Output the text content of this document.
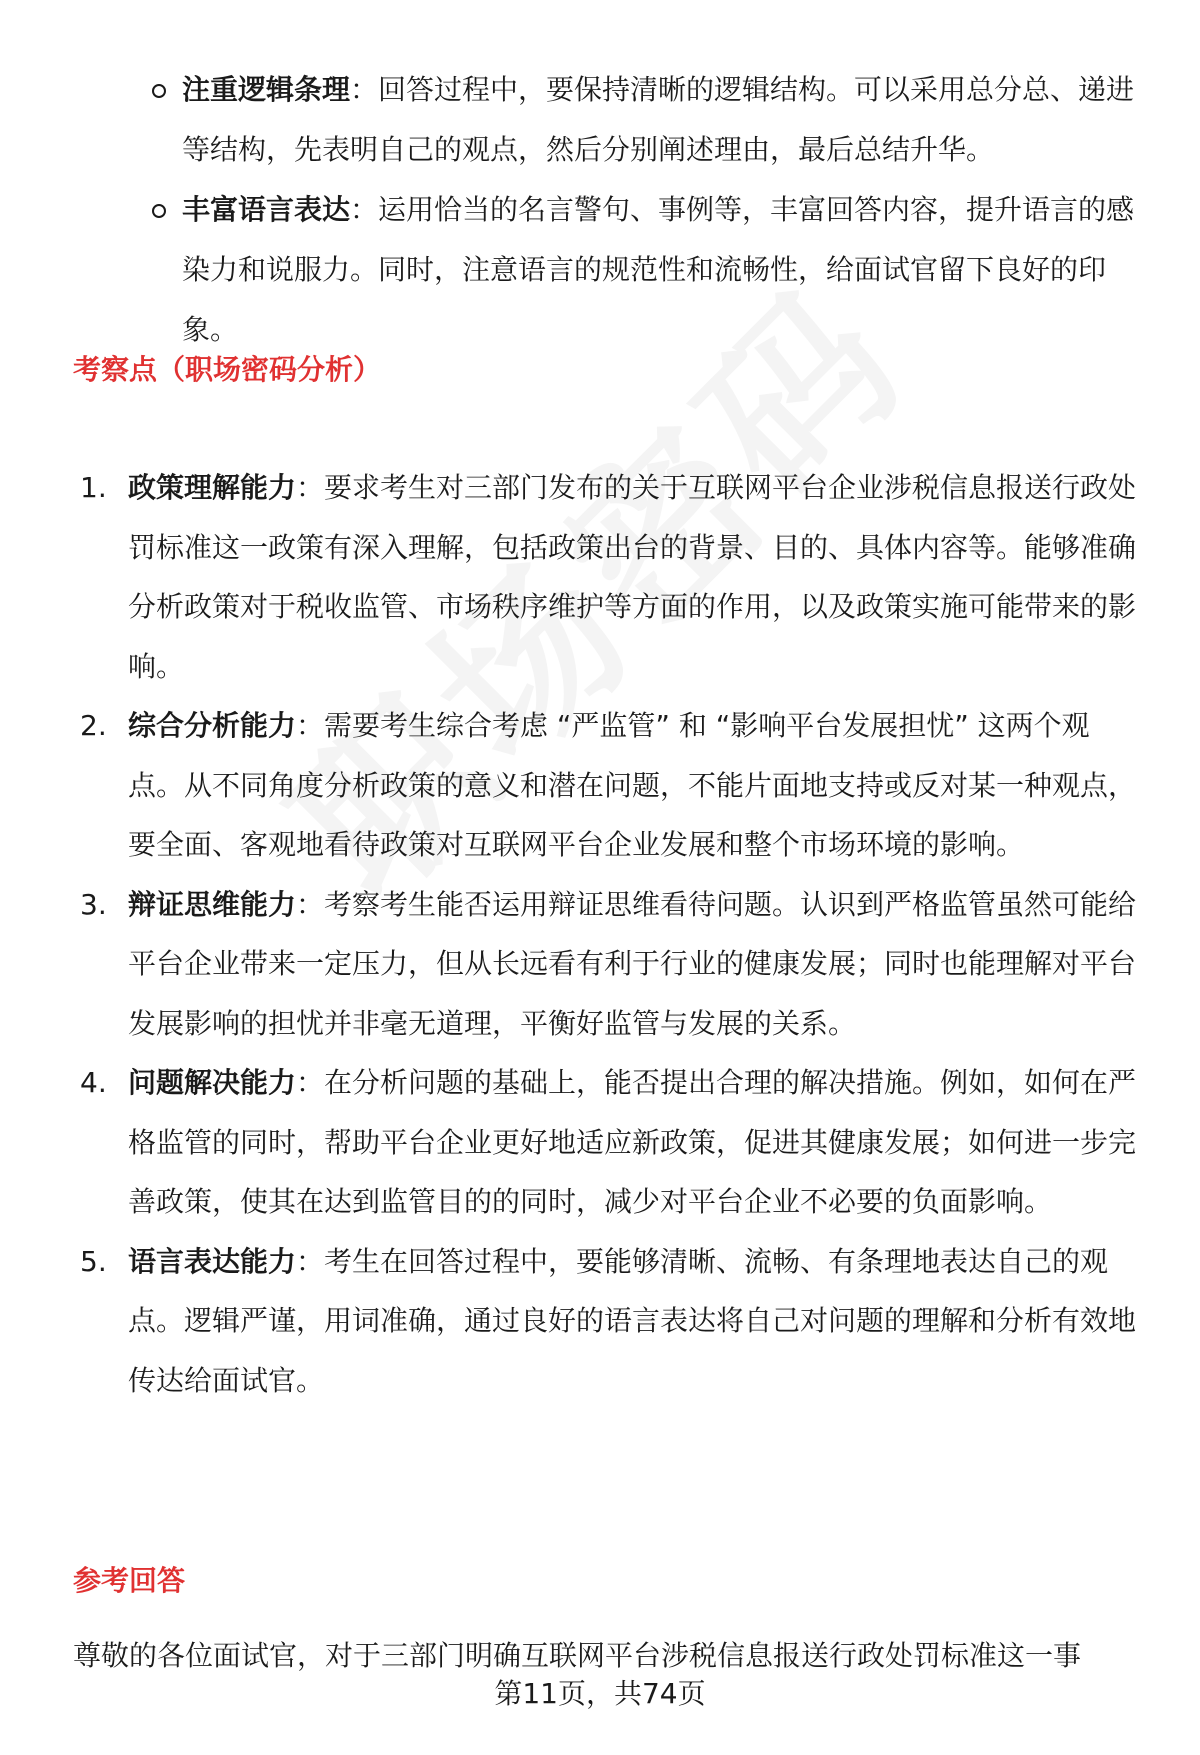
注重逻辑条理：回答过程中，要保持清晰的逻辑结构。可以采用总分总、递进等结构，先表明自己的观点，然后分别阐述理由，最后总结升华。
丰富语言表达：运用恰当的名言警句、事例等，丰富回答内容，提升语言的感染力和说服力。同时，注意语言的规范性和流畅性，给面试官留下良好的印象。
考察点（职场密码分析）
1. 政策理解能力：要求考生对三部门发布的关于互联网平台企业涉税信息报送行政处罚标准这一政策有深入理解，包括政策出台的背景、目的、具体内容等。能够准确分析政策对于税收监管、市场秩序维护等方面的作用，以及政策实施可能带来的影响。
2. 综合分析能力：需要考生综合考虑 “严监管” 和 “影响平台发展担忧” 这两个观点。从不同角度分析政策的意义和潜在问题，不能片面地支持或反对某一种观点，要全面、客观地看待政策对互联网平台企业发展和整个市场环境的影响。
3. 辩证思维能力：考察考生能否运用辩证思维看待问题。认识到严格监管虽然可能给平台企业带来一定压力，但从长远看有利于行业的健康发展；同时也能理解对平台发展影响的担忧并非毫无道理，平衡好监管与发展的关系。
4. 问题解决能力：在分析问题的基础上，能否提出合理的解决措施。例如，如何在严格监管的同时，帮助平台企业更好地适应新政策，促进其健康发展；如何进一步完善政策，使其在达到监管目的的同时，减少对平台企业不必要的负面影响。
5. 语言表达能力：考生在回答过程中，要能够清晰、流畅、有条理地表达自己的观点。逻辑严谨，用词准确，通过良好的语言表达将自己对问题的理解和分析有效地传达给面试官。
参考回答
尊敬的各位面试官，对于三部门明确互联网平台涉税信息报送行政处罚标准这一事
第11页，共74页
